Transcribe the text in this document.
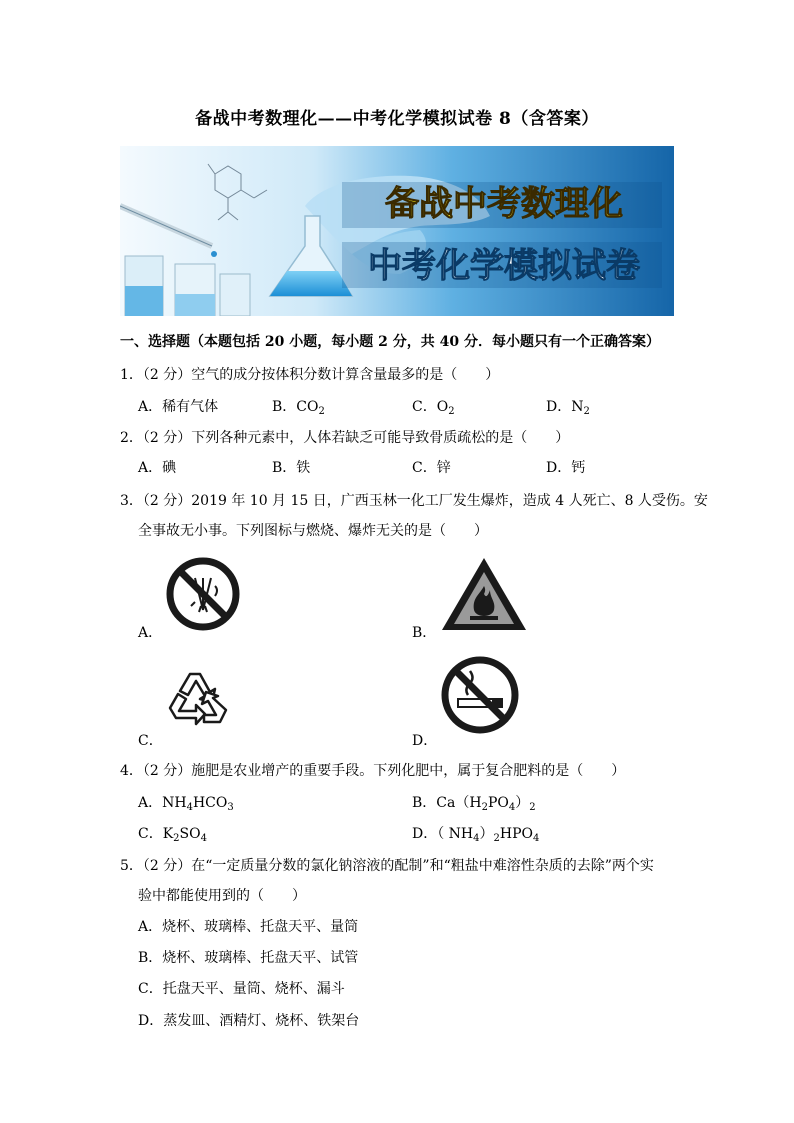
备战中考数理化——中考化学模拟试卷 8（含答案）
备战中考数理化
中考化学模拟试卷
一、选择题（本题包括 20 小题，每小题 2 分，共 40 分．每小题只有一个正确答案）
1．（2 分）空气的成分按体积分数计算含量最多的是（　　）
A．稀有气体	B．$CO_2$	C．$O_2$	D．$N_2$
2．（2 分）下列各种元素中，人体若缺乏可能导致骨质疏松的是（　　）
A．碘	B．铁	C．锌	D．钙
3．（2 分）2019 年 10 月 15 日，广西玉林一化工厂发生爆炸，造成 4 人死亡、8 人受伤。安
全事故无小事。下列图标与燃烧、爆炸无关的是（　　）
A．	B．
C．	D．
4．（2 分）施肥是农业增产的重要手段。下列化肥中，属于复合肥料的是（　　）
A．$NH_4HCO_3$	B．$Ca(H_2PO_4)_2$
C．$K_2SO_4$	D．（ $NH_4)_2HPO_4$
5．（2 分）在“一定质量分数的氯化钠溶液的配制”和“粗盐中难溶性杂质的去除”两个实
验中都能使用到的（　　）
A．烧杯、玻璃棒、托盘天平、量筒
B．烧杯、玻璃棒、托盘天平、试管
C．托盘天平、量筒、烧杯、漏斗
D．蒸发皿、酒精灯、烧杯、铁架台
